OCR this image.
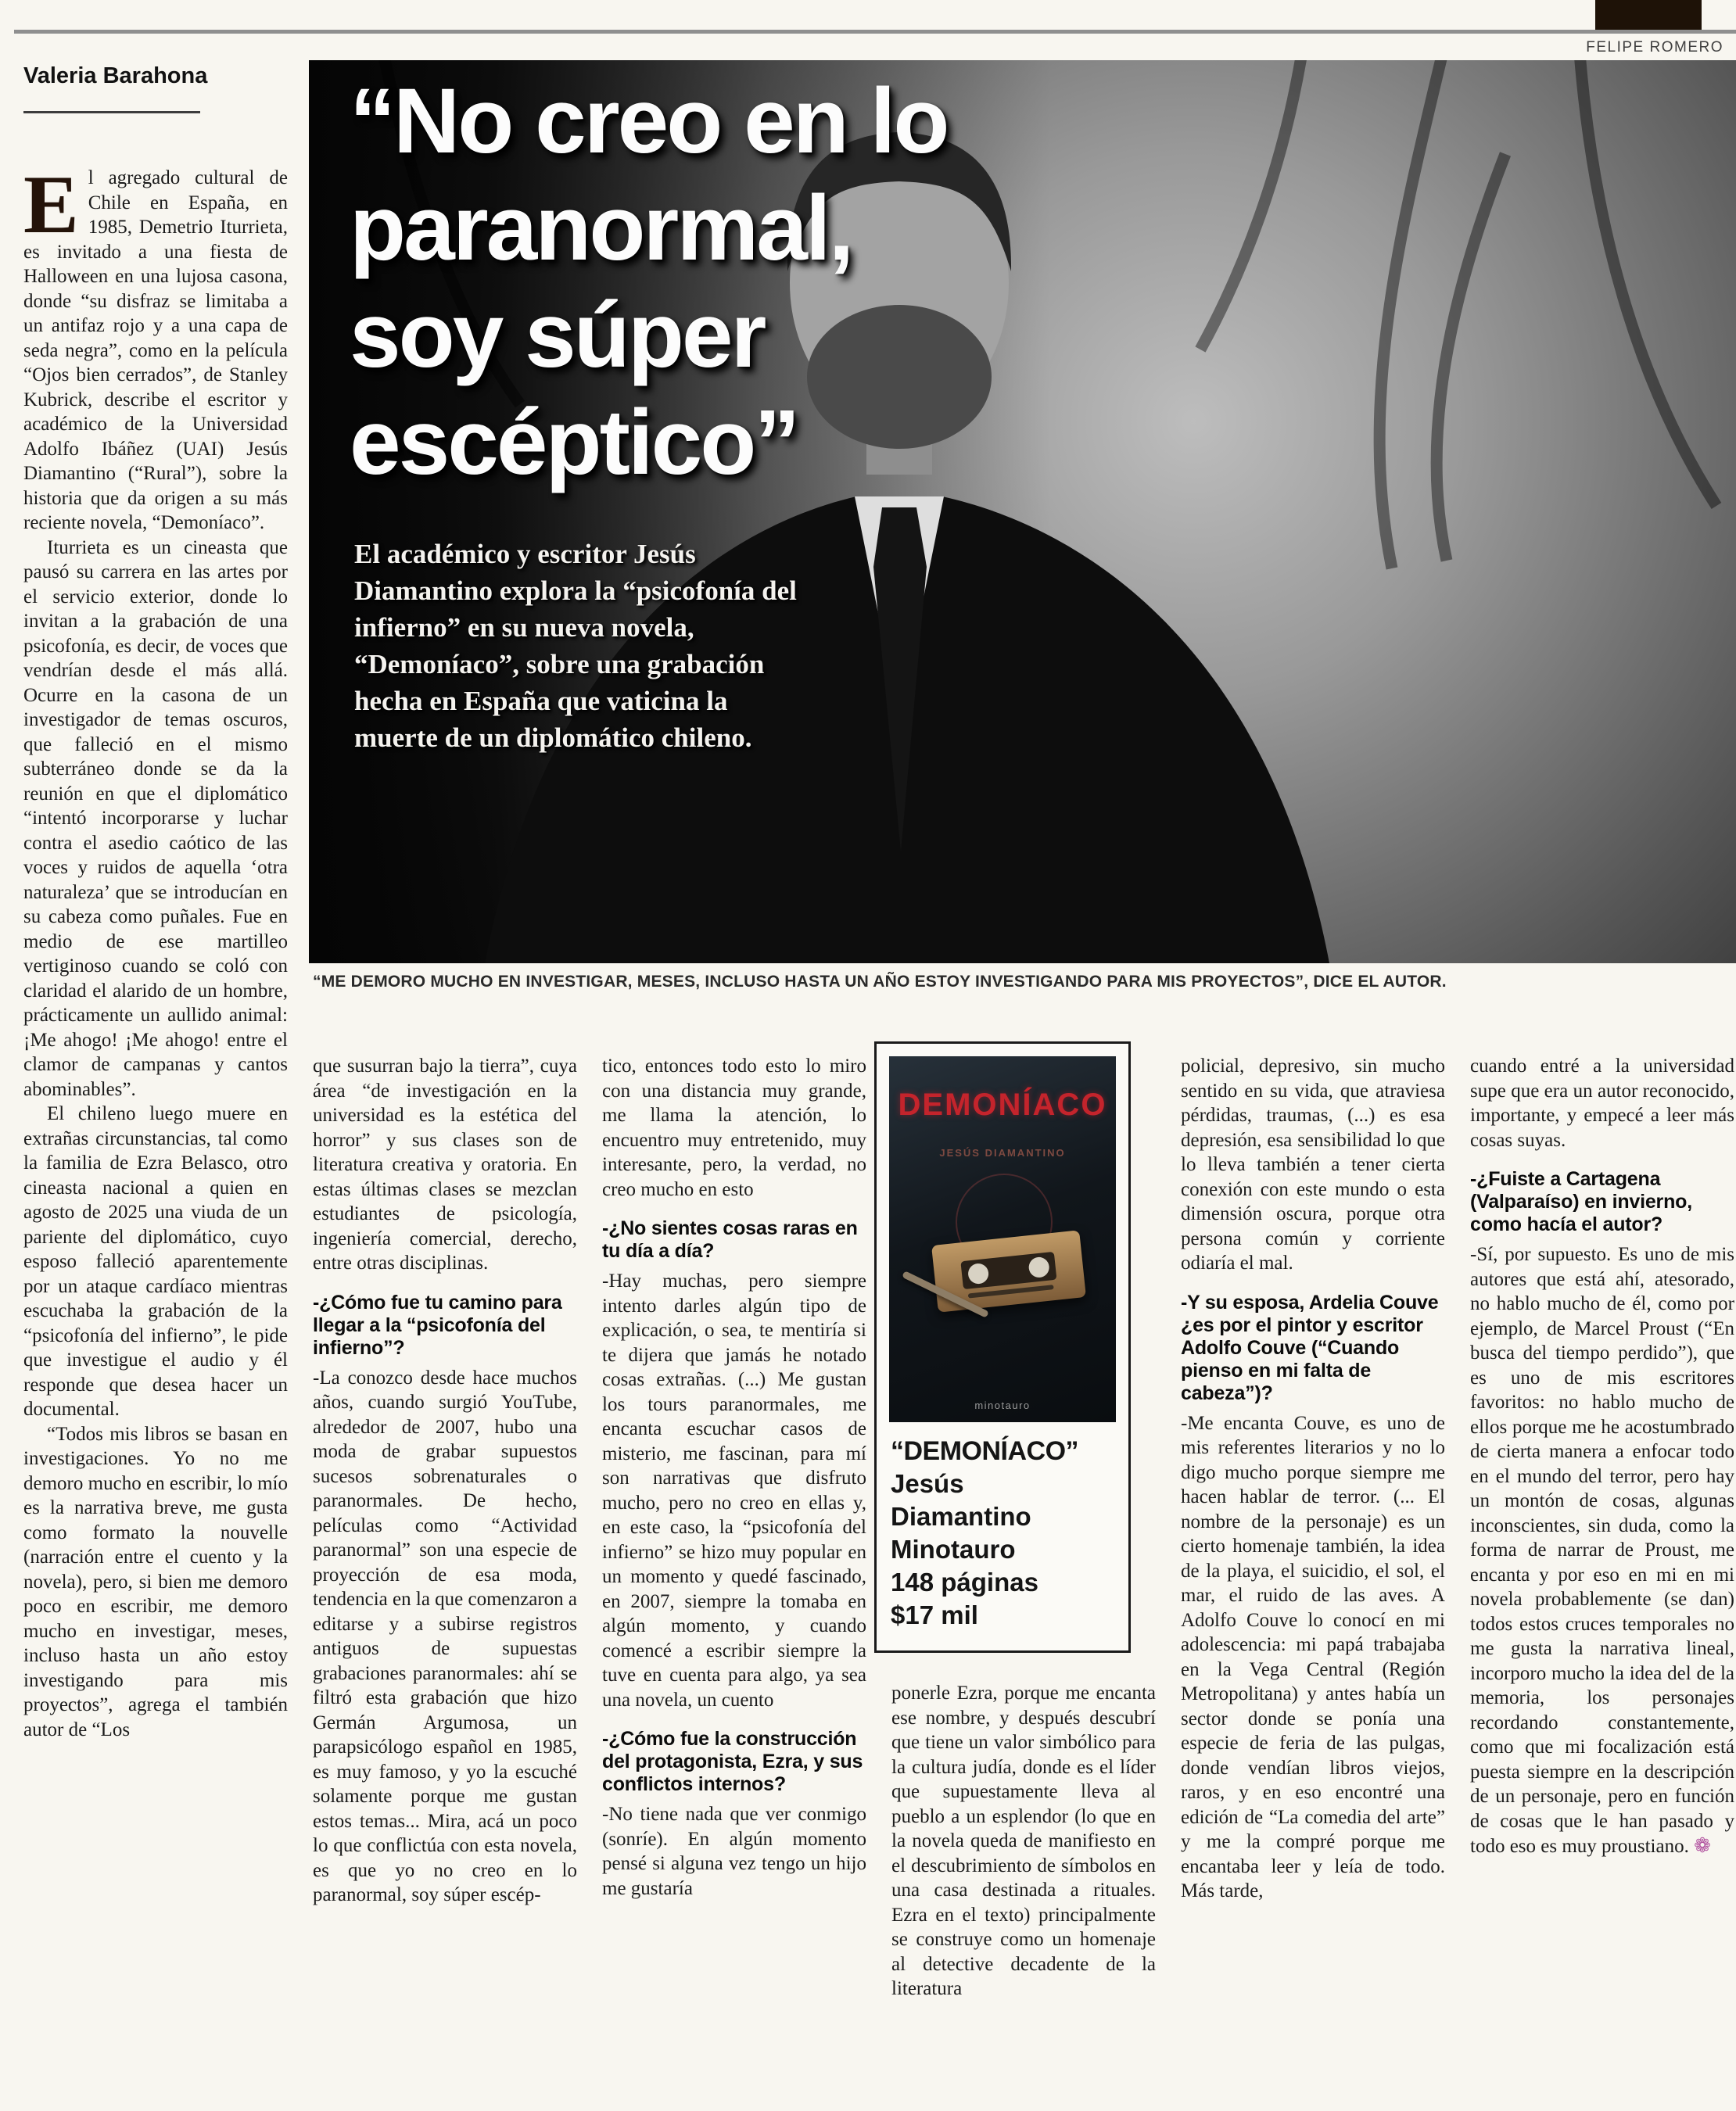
Valeria Barahona
FELIPE ROMERO
“No creo en lo
paranormal,
soy súper
escéptico”
El académico y escritor Jesús
Diamantino explora la “psicofonía del
infierno” en su nueva novela,
“Demoníaco”, sobre una grabación
hecha en España que vaticina la
muerte de un diplomático chileno.
“ME DEMORO MUCHO EN INVESTIGAR, MESES, INCLUSO HASTA UN AÑO ESTOY INVESTIGANDO PARA MIS PROYECTOS”, DICE EL AUTOR.

El agregado cultural de Chile en España, en 1985, Demetrio Iturrieta, es invitado a una fiesta de Halloween en una lujosa casona, donde “su disfraz se limitaba a un antifaz rojo y a una capa de seda negra”, como en la película “Ojos bien cerrados”, de Stanley Kubrick, describe el escritor y académico de la Universidad Adolfo Ibáñez (UAI) Jesús Diamantino (“Rural”), sobre la historia que da origen a su más reciente novela, “Demoníaco”.

Iturrieta es un cineasta que pausó su carrera en las artes por el servicio exterior, donde lo invitan a la grabación de una psicofonía, es decir, de voces que vendrían desde el más allá. Ocurre en la casona de un investigador de temas oscuros, que falleció en el mismo subterráneo donde se da la reunión en que el diplomático “intentó incorporarse y luchar contra el asedio caótico de las voces y ruidos de aquella ‘otra naturaleza’ que se introducían en su cabeza como puñales. Fue en medio de ese martilleo vertiginoso cuando se coló con claridad el alarido de un hombre, prácticamente un aullido animal: ¡Me ahogo! ¡Me ahogo! entre el clamor de campanas y cantos abominables”.

El chileno luego muere en extrañas circunstancias, tal como la familia de Ezra Belasco, otro cineasta nacional a quien en agosto de 2025 una viuda de un pariente del diplomático, cuyo esposo falleció aparentemente por un ataque cardíaco mientras escuchaba la grabación de la “psicofonía del infierno”, le pide que investigue el audio y él responde que desea hacer un documental.

“Todos mis libros se basan en investigaciones. Yo no me demoro mucho en escribir, lo mío es la narrativa breve, me gusta como formato la nouvelle (narración entre el cuento y la novela), pero, si bien me demoro poco en escribir, me demoro mucho en investigar, meses, incluso hasta un año estoy investigando para mis proyectos”, agrega el también autor de “Los

que susurran bajo la tierra”, cuya área “de investigación en la universidad es la estética del horror” y sus clases son de literatura creativa y oratoria. En estas últimas clases se mezclan estudiantes de psicología, ingeniería comercial, derecho, entre otras disciplinas.

-¿Cómo fue tu camino para llegar a la “psicofonía del infierno”?

-La conozco desde hace muchos años, cuando surgió YouTube, alrededor de 2007, hubo una moda de grabar supuestos sucesos sobrenaturales o paranormales. De hecho, películas como “Actividad paranormal” son una especie de proyección de esa moda, tendencia en la que comenzaron a editarse y a subirse registros antiguos de supuestas grabaciones paranormales: ahí se filtró esta grabación que hizo Germán Argumosa, un parapsicólogo español en 1985, es muy famoso, y yo la escuché solamente porque me gustan estos temas... Mira, acá un poco lo que conflictúa con esta novela, es que yo no creo en lo paranormal, soy súper escép-

tico, entonces todo esto lo miro con una distancia muy grande, me llama la atención, lo encuentro muy entretenido, muy interesante, pero, la verdad, no creo mucho en esto

-¿No sientes cosas raras en tu día a día?

-Hay muchas, pero siempre intento darles algún tipo de explicación, o sea, te mentiría si te dijera que jamás he notado cosas extrañas. (...) Me gustan los tours paranormales, me encanta escuchar casos de misterio, me fascinan, para mí son narrativas que disfruto mucho, pero no creo en ellas y, en este caso, la “psicofonía del infierno” se hizo muy popular en un momento y quedé fascinado, en 2007, siempre la tomaba en algún momento, y cuando comencé a escribir siempre la tuve en cuenta para algo, ya sea una novela, un cuento

-¿Cómo fue la construcción del protagonista, Ezra, y sus conflictos internos?

-No tiene nada que ver conmigo (sonríe). En algún momento pensé si alguna vez tengo un hijo me gustaría

ponerle Ezra, porque me encanta ese nombre, y después descubrí que tiene un valor simbólico para la cultura judía, donde es el líder que supuestamente lleva al pueblo a un esplendor (lo que en la novela queda de manifiesto en el descubrimiento de símbolos en una casa destinada a rituales. Ezra en el texto) principalmente se construye como un homenaje al detective decadente de la literatura

policial, depresivo, sin mucho sentido en su vida, que atraviesa pérdidas, traumas, (...) es esa depresión, esa sensibilidad lo que lo lleva también a tener cierta conexión con este mundo o esta dimensión oscura, porque otra persona común y corriente odiaría el mal.

-Y su esposa, Ardelia Couve ¿es por el pintor y escritor Adolfo Couve (“Cuando pienso en mi falta de cabeza”)?

-Me encanta Couve, es uno de mis referentes literarios y no lo digo mucho porque siempre me hacen hablar de terror. (... El nombre de la personaje) es un cierto homenaje también, la idea de la playa, el suicidio, el sol, el mar, el ruido de las aves. A Adolfo Couve lo conocí en mi adolescencia: mi papá trabajaba en la Vega Central (Región Metropolitana) y antes había un sector donde se ponía una especie de feria de las pulgas, donde vendían libros viejos, raros, y en eso encontré una edición de “La comedia del arte” y me la compré porque me encantaba leer y leía de todo. Más tarde,

cuando entré a la universidad supe que era un autor reconocido, importante, y empecé a leer más cosas suyas.

-¿Fuiste a Cartagena (Valparaíso) en invierno, como hacía el autor?

-Sí, por supuesto. Es uno de mis autores que está ahí, atesorado, no hablo mucho de él, como por ejemplo, de Marcel Proust (“En busca del tiempo perdido”), que es uno de mis escritores favoritos: no hablo mucho de ellos porque me he acostumbrado de cierta manera a enfocar todo en el mundo del terror, pero hay un montón de cosas, algunas inconscientes, sin duda, como la forma de narrar de Proust, me encanta y por eso en mi en mi novela probablemente (se dan) todos estos cruces temporales no me gusta la narrativa lineal, incorporo mucho la idea del de la memoria, los personajes recordando constantemente, como que mi focalización está puesta siempre en la descripción de un personaje, pero en función de cosas que le han pasado y todo eso es muy proustiano. ❁

DEMONÍACO
JESÚS DIAMANTINO
minotauro
“DEMONÍACO”
Jesús
Diamantino
Minotauro
148 páginas
$17 mil
